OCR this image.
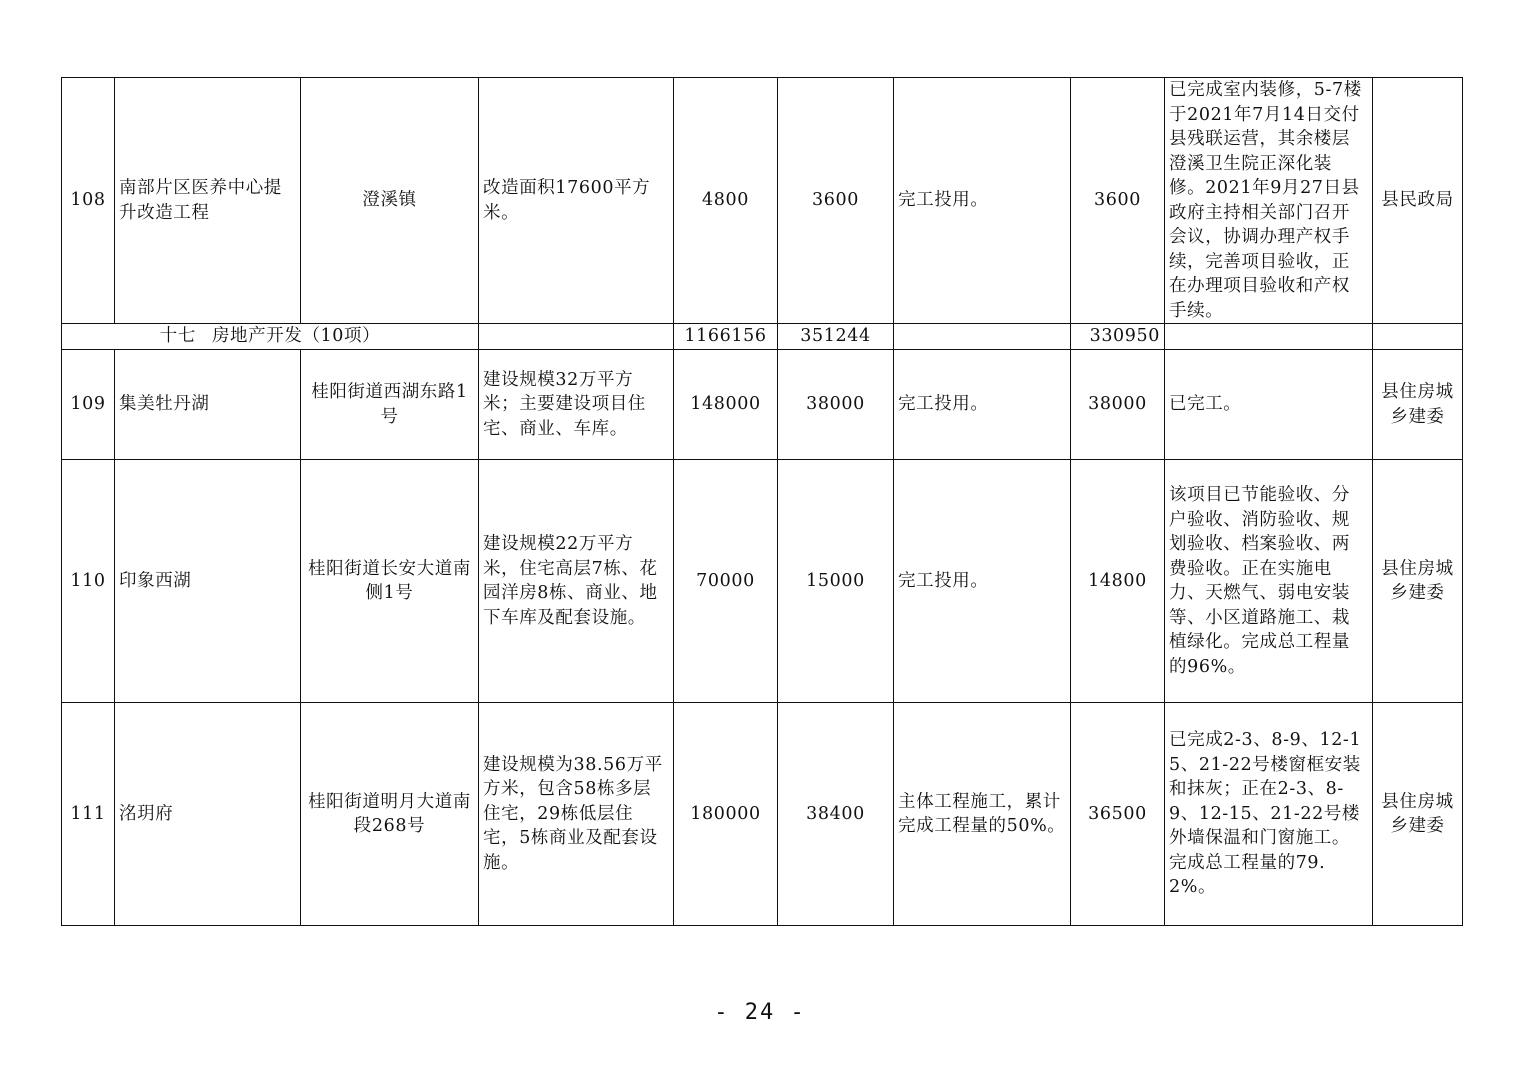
108	南部片区医养中心提升改造工程	澄溪镇	改造面积17600平方米。	4800	3600	完工投用。	3600	已完成室内装修，5-7楼于2021年7月14日交付县残联运营，其余楼层澄溪卫生院正深化装修。2021年9月27日县政府主持相关部门召开会议，协调办理产权手续，完善项目验收，正在办理项目验收和产权手续。	县民政局
十七 房地产开发（10项）				1166156	351244		330950		
109	集美牡丹湖	桂阳街道西湖东路1号	建设规模32万平方米；主要建设项目住宅、商业、车库。	148000	38000	完工投用。	38000	已完工。	县住房城乡建委
110	印象西湖	桂阳街道长安大道南侧1号	建设规模22万平方米，住宅高层7栋、花园洋房8栋、商业、地下车库及配套设施。	70000	15000	完工投用。	14800	该项目已节能验收、分户验收、消防验收、规划验收、档案验收、两费验收。正在实施电力、天燃气、弱电安装等、小区道路施工、栽植绿化。完成总工程量的96%。	县住房城乡建委
111	洺玥府	桂阳街道明月大道南段268号	建设规模为38.56万平方米，包含58栋多层住宅，29栋低层住宅，5栋商业及配套设施。	180000	38400	主体工程施工，累计完成工程量的50%。	36500	已完成2-3、8-9、12-15、21-22号楼窗框安装和抹灰；正在2-3、8-9、12-15、21-22号楼外墙保温和门窗施工。完成总工程量的79.2%。	县住房城乡建委
- 24 -
